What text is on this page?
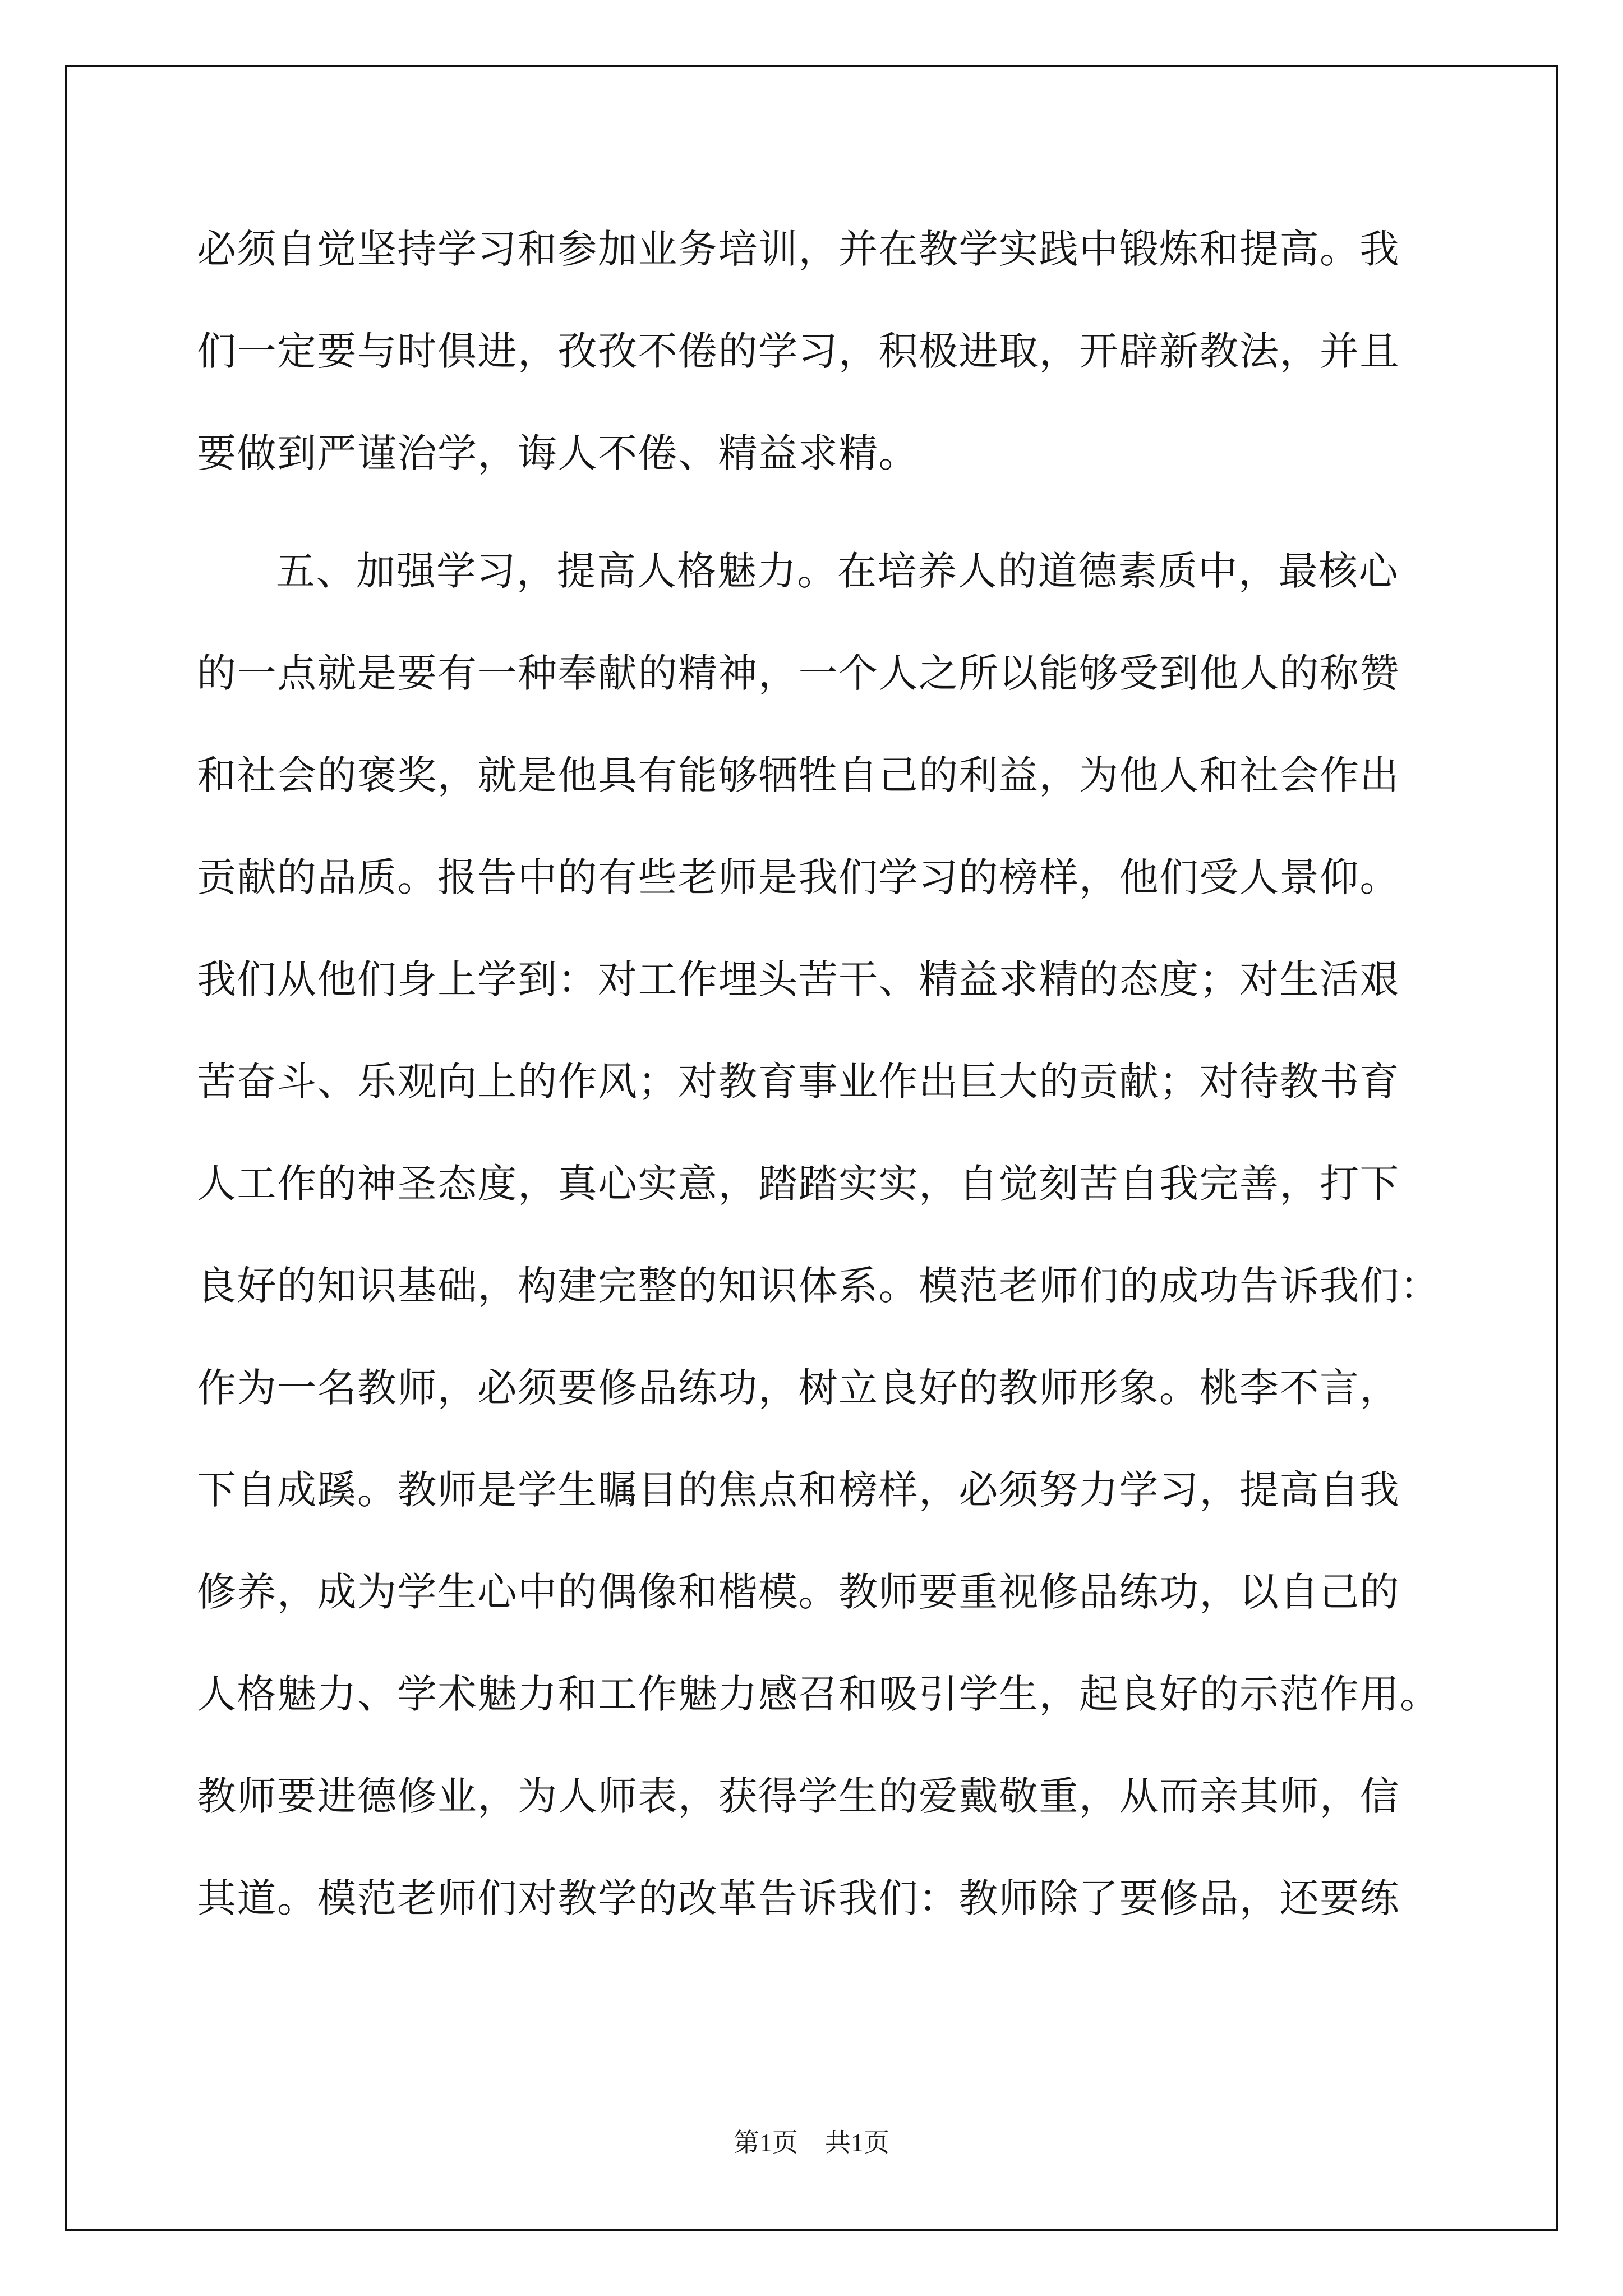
必须自觉坚持学习和参加业务培训，并在教学实践中锻炼和提高。我

们一定要与时俱进，孜孜不倦的学习，积极进取，开辟新教法，并且

要做到严谨治学，诲人不倦、精益求精。

五、加强学习，提高人格魅力。在培养人的道德素质中，最核心

的一点就是要有一种奉献的精神，一个人之所以能够受到他人的称赞

和社会的褒奖，就是他具有能够牺牲自己的利益，为他人和社会作出

贡献的品质。报告中的有些老师是我们学习的榜样，他们受人景仰。

我们从他们身上学到：对工作埋头苦干、精益求精的态度；对生活艰

苦奋斗、乐观向上的作风；对教育事业作出巨大的贡献；对待教书育

人工作的神圣态度，真心实意，踏踏实实，自觉刻苦自我完善，打下

良好的知识基础，构建完整的知识体系。模范老师们的成功告诉我们：

作为一名教师，必须要修品练功，树立良好的教师形象。桃李不言，

下自成蹊。教师是学生瞩目的焦点和榜样，必须努力学习，提高自我

修养，成为学生心中的偶像和楷模。教师要重视修品练功，以自己的

人格魅力、学术魅力和工作魅力感召和吸引学生，起良好的示范作用。

教师要进德修业，为人师表，获得学生的爱戴敬重，从而亲其师，信

其道。模范老师们对教学的改革告诉我们：教师除了要修品，还要练

第1页 共1页
